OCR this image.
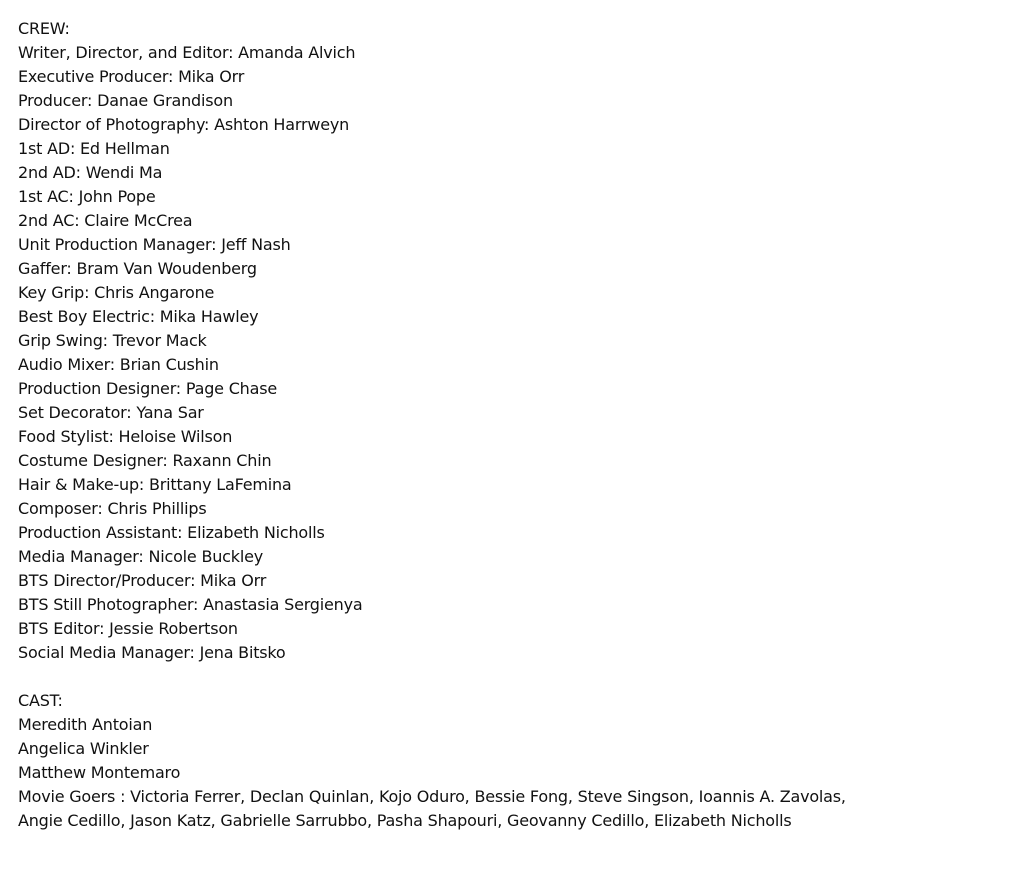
CREW:
Writer, Director, and Editor: Amanda Alvich
Executive Producer: Mika Orr
Producer: Danae Grandison
Director of Photography: Ashton Harrweyn
1st AD: Ed Hellman
2nd AD: Wendi Ma
1st AC: John Pope
2nd AC: Claire McCrea
Unit Production Manager: Jeff Nash
Gaffer: Bram Van Woudenberg
Key Grip: Chris Angarone
Best Boy Electric: Mika Hawley
Grip Swing: Trevor Mack
Audio Mixer: Brian Cushin
Production Designer: Page Chase
Set Decorator: Yana Sar
Food Stylist: Heloise Wilson
Costume Designer: Raxann Chin
Hair & Make-up: Brittany LaFemina
Composer: Chris Phillips
Production Assistant: Elizabeth Nicholls
Media Manager: Nicole Buckley
BTS Director/Producer: Mika Orr
BTS Still Photographer: Anastasia Sergienya
BTS Editor: Jessie Robertson
Social Media Manager: Jena Bitsko
CAST:
Meredith Antoian
Angelica Winkler
Matthew Montemaro
Movie Goers : Victoria Ferrer, Declan Quinlan, Kojo Oduro, Bessie Fong, Steve Singson, Ioannis A. Zavolas,
Angie Cedillo, Jason Katz, Gabrielle Sarrubbo, Pasha Shapouri, Geovanny Cedillo, Elizabeth Nicholls
